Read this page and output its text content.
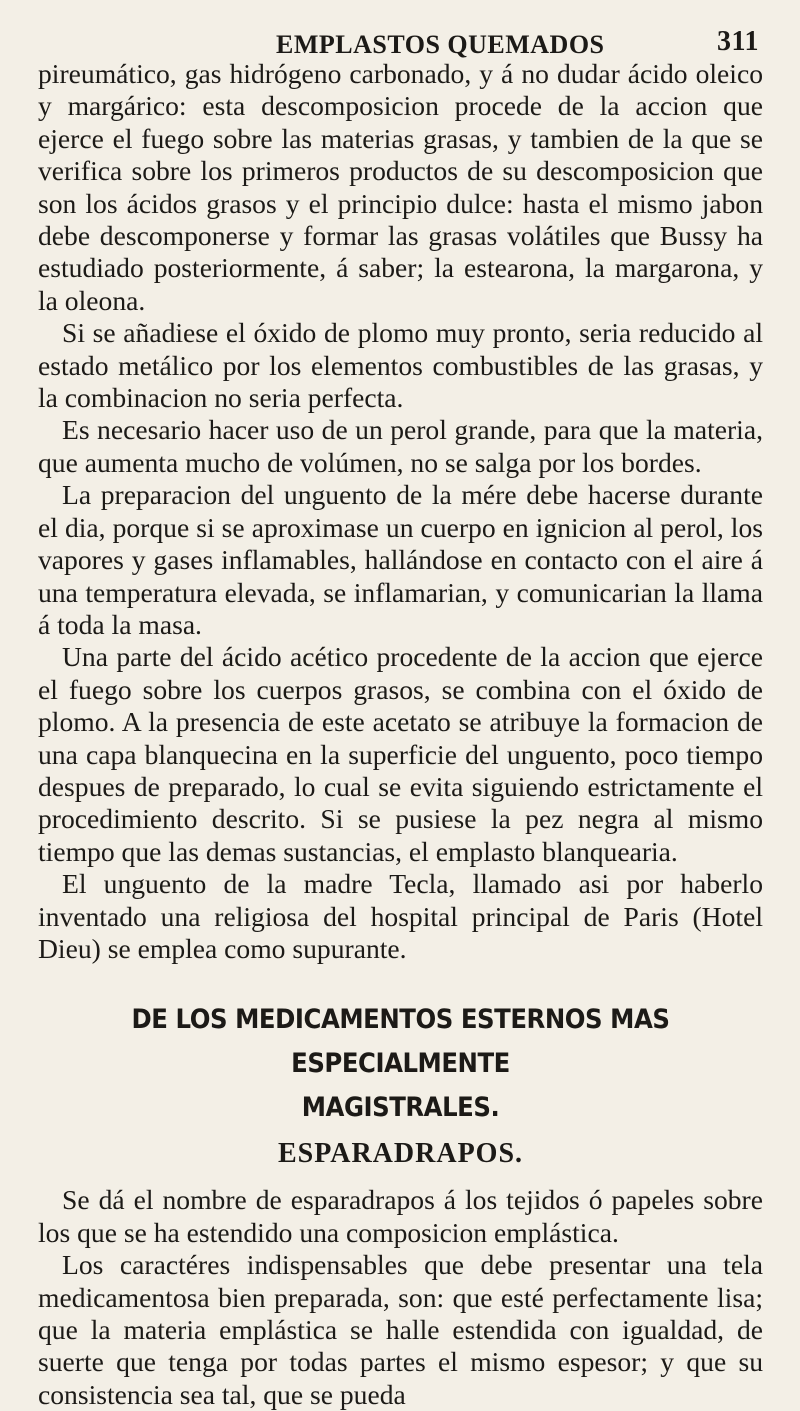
EMPLASTOS QUEMADOS	311

pireumático, gas hidrógeno carbonado, y á no dudar ácido oleico y margárico: esta descomposicion procede de la accion que ejerce el fuego sobre las materias grasas, y tambien de la que se verifica sobre los primeros productos de su descomposicion que son los ácidos grasos y el principio dulce: hasta el mismo jabon debe descomponerse y formar las grasas volátiles que Bussy ha estudiado posteriormente, á saber; la estearona, la margarona, y la oleona.

Si se añadiese el óxido de plomo muy pronto, seria reducido al estado metálico por los elementos combustibles de las grasas, y la combinacion no seria perfecta.

Es necesario hacer uso de un perol grande, para que la materia, que aumenta mucho de volúmen, no se salga por los bordes.

La preparacion del unguento de la mére debe hacerse durante el dia, porque si se aproximase un cuerpo en ignicion al perol, los vapores y gases inflamables, hallándose en contacto con el aire á una temperatura elevada, se inflamarian, y comunicarian la llama á toda la masa.

Una parte del ácido acético procedente de la accion que ejerce el fuego sobre los cuerpos grasos, se combina con el óxido de plomo. A la presencia de este acetato se atribuye la formacion de una capa blanquecina en la superficie del unguento, poco tiempo despues de preparado, lo cual se evita siguiendo estrictamente el procedimiento descrito. Si se pusiese la pez negra al mismo tiempo que las demas sustancias, el emplasto blanquearia.

El unguento de la madre Tecla, llamado asi por haberlo inventado una religiosa del hospital principal de Paris (Hotel Dieu) se emplea como supurante.

DE LOS MEDICAMENTOS ESTERNOS MAS ESPECIALMENTE
MAGISTRALES.
ESPARADRAPOS.

Se dá el nombre de esparadrapos á los tejidos ó papeles sobre los que se ha estendido una composicion emplástica.

Los caractéres indispensables que debe presentar una tela medicamentosa bien preparada, son: que esté perfectamente lisa; que la materia emplástica se halle estendida con igualdad, de suerte que tenga por todas partes el mismo espesor; y que su consistencia sea tal, que se pueda
